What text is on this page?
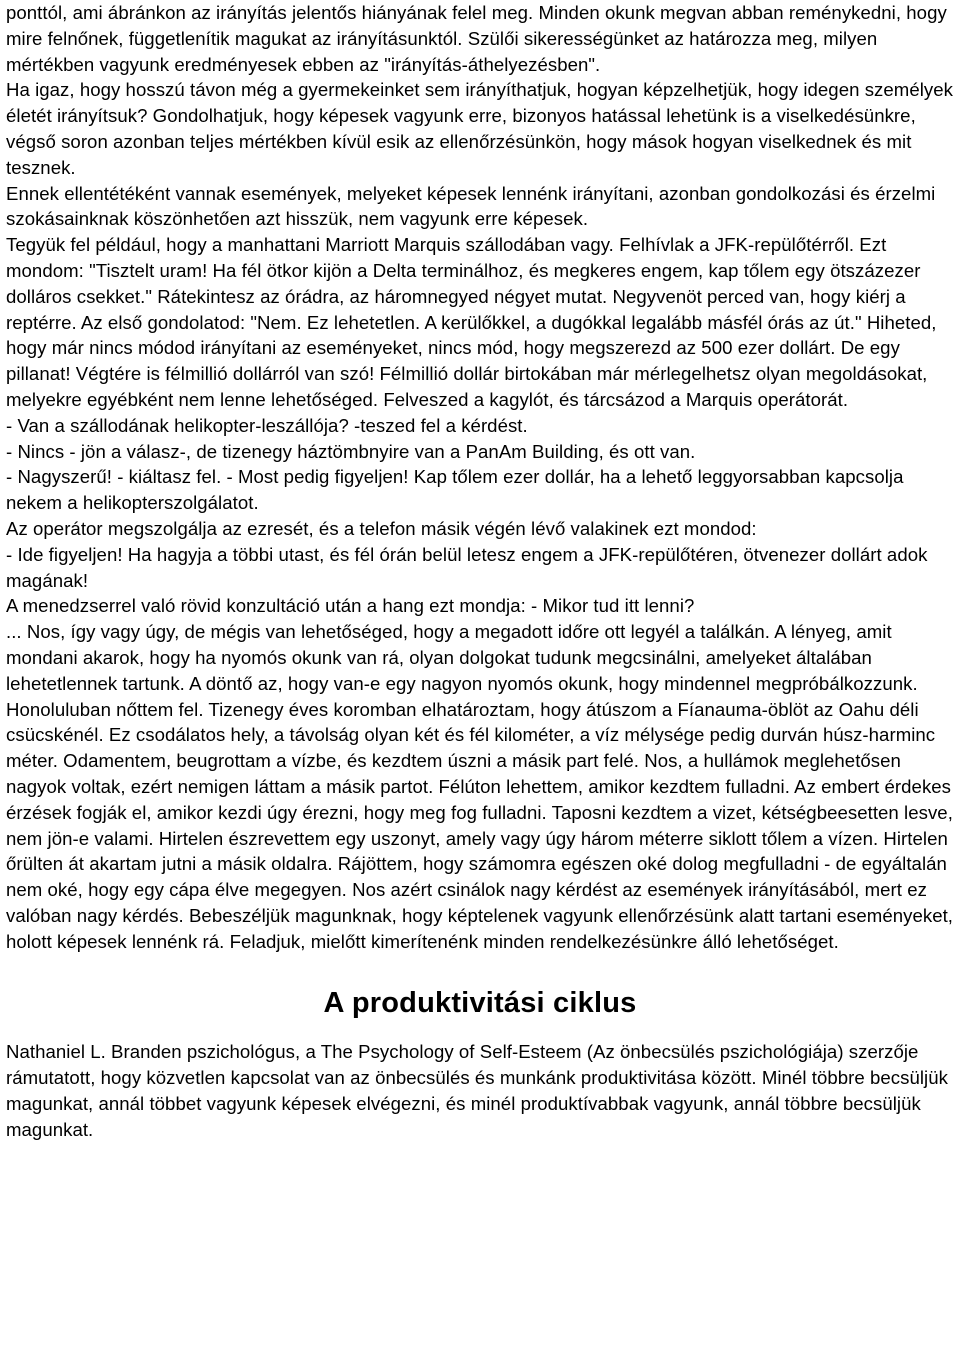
ponttól, ami ábránkon az irányítás jelentős hiányának felel meg. Minden okunk megvan abban reménykedni, hogy mire felnőnek, függetlenítik magukat az irányításunktól. Szülői sikerességünket az határozza meg, milyen mértékben vagyunk eredményesek ebben az "irányítás-áthelyezésben".

Ha igaz, hogy hosszú távon még a gyermekeinket sem irányíthatjuk, hogyan képzelhetjük, hogy idegen személyek életét irányítsuk? Gondolhatjuk, hogy képesek vagyunk erre, bizonyos hatással lehetünk is a viselkedésünkre, végső soron azonban teljes mértékben kívül esik az ellenőrzésünkön, hogy mások hogyan viselkednek és mit tesznek.

Ennek ellentétéként vannak események, melyeket képesek lennénk irányítani, azonban gondolkozási és érzelmi szokásainknak köszönhetően azt hisszük, nem vagyunk erre képesek.

Tegyük fel például, hogy a manhattani Marriott Marquis szállodában vagy. Felhívlak a JFK-repülőtérről. Ezt mondom: "Tisztelt uram! Ha fél ötkor kijön a Delta terminálhoz, és megkeres engem, kap tőlem egy ötszázezer dolláros csekket." Rátekintesz az órádra, az háromnegyed négyet mutat. Negyvenöt perced van, hogy kiérj a reptérre. Az első gondolatod: "Nem. Ez lehetetlen. A kerülőkkel, a dugókkal legalább másfél órás az út." Hiheted, hogy már nincs módod irányítani az eseményeket, nincs mód, hogy megszerezd az 500 ezer dollárt. De egy pillanat! Végtére is félmillió dollárról van szó! Félmillió dollár birtokában már mérlegelhetsz olyan megoldásokat, melyekre egyébként nem lenne lehetőséged. Felveszed a kagylót, és tárcsázod a Marquis operátorát.

- Van a szállodának helikopter-leszállója? -teszed fel a kérdést.

- Nincs - jön a válasz-, de tizenegy háztömbnyire van a PanAm Building, és ott van.

- Nagyszerű! - kiáltasz fel. - Most pedig figyeljen! Kap tőlem ezer dollár, ha a lehető leggyorsabban kapcsolja nekem a helikopterszolgálatot.

Az operátor megszolgálja az ezresét, és a telefon másik végén lévő valakinek ezt mondod:

- Ide figyeljen! Ha hagyja a többi utast, és fél órán belül letesz engem a JFK-repülőtéren, ötvenezer dollárt adok magának!

A menedzserrel való rövid konzultáció után a hang ezt mondja: - Mikor tud itt lenni?

... Nos, így vagy úgy, de mégis van lehetőséged, hogy a megadott időre ott legyél a találkán. A lényeg, amit mondani akarok, hogy ha nyomós okunk van rá, olyan dolgokat tudunk megcsinálni, amelyeket általában lehetetlennek tartunk. A döntő az, hogy van-e egy nagyon nyomós okunk, hogy mindennel megpróbálkozzunk.

Honoluluban nőttem fel. Tizenegy éves koromban elhatároztam, hogy átúszom a Fíanauma-öblöt az Oahu déli csücskénél. Ez csodálatos hely, a távolság olyan két és fél kilométer, a víz mélysége pedig durván húsz-harminc méter. Odamentem, beugrottam a vízbe, és kezdtem úszni a másik part felé. Nos, a hullámok meglehetősen nagyok voltak, ezért nemigen láttam a másik partot. Félúton lehettem, amikor kezdtem fulladni. Az embert érdekes érzések fogják el, amikor kezdi úgy érezni, hogy meg fog fulladni. Taposni kezdtem a vizet, kétségbeesetten lesve, nem jön-e valami. Hirtelen észrevettem egy uszonyt, amely vagy úgy három méterre siklott tőlem a vízen. Hirtelen őrülten át akartam jutni a másik oldalra. Rájöttem, hogy számomra egészen oké dolog megfulladni - de egyáltalán nem oké, hogy egy cápa élve megegyen. Nos azért csinálok nagy kérdést az események irányításából, mert ez valóban nagy kérdés. Bebeszéljük magunknak, hogy képtelenek vagyunk ellenőrzésünk alatt tartani eseményeket, holott képesek lennénk rá. Feladjuk, mielőtt kimerítenénk minden rendelkezésünkre álló lehetőséget.

A produktivitási ciklus

Nathaniel L. Branden pszichológus, a The Psychology of Self-Esteem (Az önbecsülés pszichológiája) szerzője rámutatott, hogy közvetlen kapcsolat van az önbecsülés és munkánk produktivitása között. Minél többre becsüljük magunkat, annál többet vagyunk képesek elvégezni, és minél produktívabbak vagyunk, annál többre becsüljük magunkat.
